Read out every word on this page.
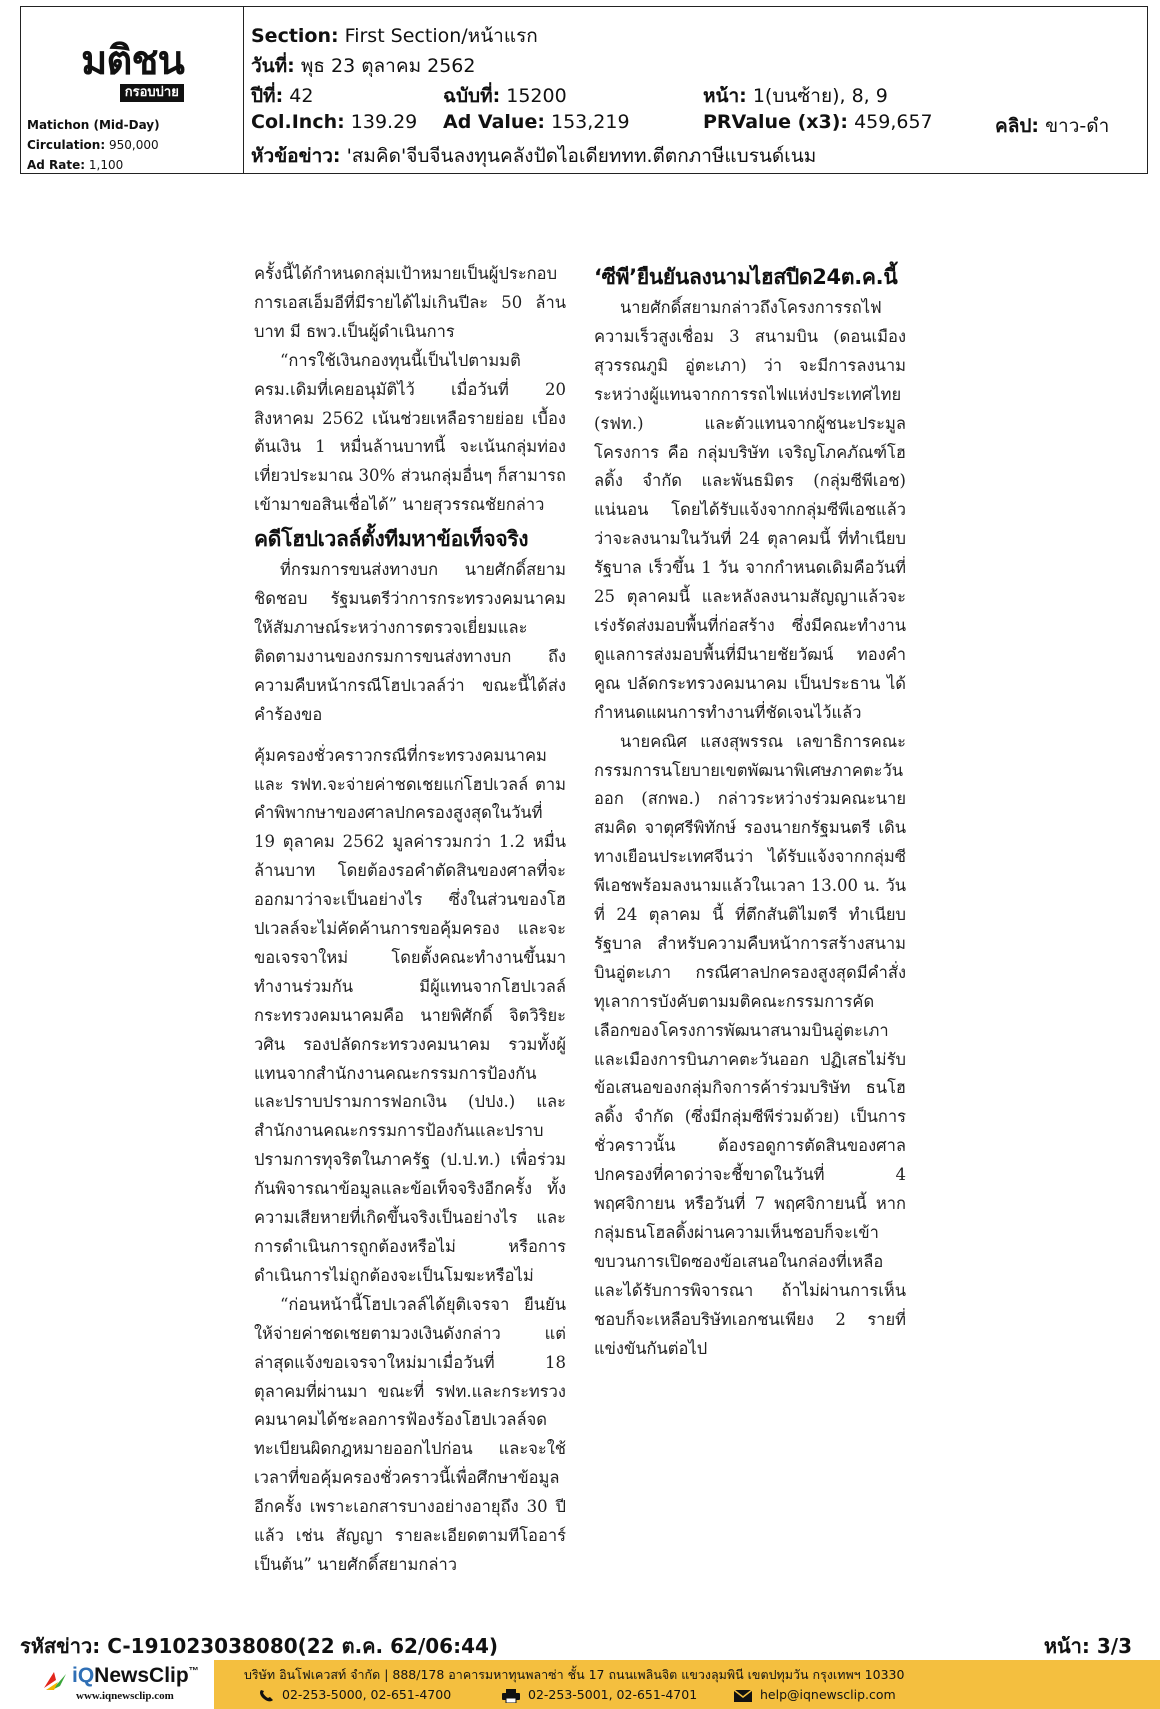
มติชน
กรอบบ่าย
Matichon (Mid-Day)
Circulation: 950,000
Ad Rate: 1,100
Section: First Section/หน้าแรก
วันที่: พุธ 23 ตุลาคม 2562
ปีที่: 42	ฉบับที่: 15200	หน้า: 1(บนซ้าย), 8, 9
Col.Inch: 139.29 Ad Value: 153,219	PRValue (x3): 459,657	คลิป: ขาว-ดำ
หัวข้อข่าว: 'สมคิด'จีบจีนลงทุนคลังปัดไอเดียททท.ตีตกภาษีแบรนด์เนม

ครั้งนี้ได้กำหนดกลุ่มเป้าหมายเป็นผู้ประกอบการเอสเอ็มอีที่มีรายได้ไม่เกินปีละ 50 ล้านบาท มี ธพว.เป็นผู้ดำเนินการ

“การใช้เงินกองทุนนี้เป็นไปตามมติ ครม.เดิมที่เคยอนุมัติไว้ เมื่อวันที่ 20 สิงหาคม 2562 เน้นช่วยเหลือรายย่อย เบื้องต้นเงิน 1 หมื่นล้านบาทนี้ จะเน้นกลุ่มท่องเที่ยวประมาณ 30% ส่วนกลุ่มอื่นๆ ก็สามารถเข้ามาขอสินเชื่อได้” นายสุวรรณชัยกล่าว

คดีโฮปเวลล์ตั้งทีมหาข้อเท็จจริง

ที่กรมการขนส่งทางบก นายศักดิ์สยาม ชิดชอบ รัฐมนตรีว่าการกระทรวงคมนาคม ให้สัมภาษณ์ระหว่างการตรวจเยี่ยมและติดตามงานของกรมการขนส่งทางบก ถึงความคืบหน้ากรณีโฮปเวลล์ว่า ขณะนี้ได้ส่งคำร้องขอ

คุ้มครองชั่วคราวกรณีที่กระทรวงคมนาคม และ รฟท.จะจ่ายค่าชดเชยแก่โฮปเวลล์ ตามคำพิพากษาของศาลปกครองสูงสุดในวันที่ 19 ตุลาคม 2562 มูลค่ารวมกว่า 1.2 หมื่นล้านบาท โดยต้องรอคำตัดสินของศาลที่จะออกมาว่าจะเป็นอย่างไร ซึ่งในส่วนของโฮปเวลล์จะไม่คัดค้านการขอคุ้มครอง และจะขอเจรจาใหม่ โดยตั้งคณะทำงานขึ้นมาทำงานร่วมกัน มีผู้แทนจากโฮปเวลล์ กระทรวงคมนาคมคือ นายพิศักดิ์ จิตวิริยะวศิน รองปลัดกระทรวงคมนาคม รวมทั้งผู้แทนจากสำนักงานคณะกรรมการป้องกันและปราบปรามการฟอกเงิน (ปปง.) และสำนักงานคณะกรรมการป้องกันและปราบปรามการทุจริตในภาครัฐ (ป.ป.ท.) เพื่อร่วมกันพิจารณาข้อมูลและข้อเท็จจริงอีกครั้ง ทั้งความเสียหายที่เกิดขึ้นจริงเป็นอย่างไร และการดำเนินการถูกต้องหรือไม่ หรือการดำเนินการไม่ถูกต้องจะเป็นโมฆะหรือไม่

“ก่อนหน้านี้โฮปเวลล์ได้ยุติเจรจา ยืนยันให้จ่ายค่าชดเชยตามวงเงินดังกล่าว แต่ล่าสุดแจ้งขอเจรจาใหม่มาเมื่อวันที่ 18 ตุลาคมที่ผ่านมา ขณะที่ รฟท.และกระทรวงคมนาคมได้ชะลอการฟ้องร้องโฮปเวลล์จดทะเบียนผิดกฎหมายออกไปก่อน และจะใช้เวลาที่ขอคุ้มครองชั่วคราวนี้เพื่อศึกษาข้อมูลอีกครั้ง เพราะเอกสารบางอย่างอายุถึง 30 ปีแล้ว เช่น สัญญา รายละเอียดตามทีโออาร์ เป็นต้น” นายศักดิ์สยามกล่าว

‘ซีพี’ยืนยันลงนามไฮสปีด24ต.ค.นี้

นายศักดิ์สยามกล่าวถึงโครงการรถไฟความเร็วสูงเชื่อม 3 สนามบิน (ดอนเมือง สุวรรณภูมิ อู่ตะเภา) ว่า จะมีการลงนามระหว่างผู้แทนจากการรถไฟแห่งประเทศไทย (รฟท.) และตัวแทนจากผู้ชนะประมูลโครงการ คือ กลุ่มบริษัท เจริญโภคภัณฑ์โฮลดิ้ง จำกัด และพันธมิตร (กลุ่มซีพีเอช) แน่นอน โดยได้รับแจ้งจากกลุ่มซีพีเอชแล้วว่าจะลงนามในวันที่ 24 ตุลาคมนี้ ที่ทำเนียบรัฐบาล เร็วขึ้น 1 วัน จากกำหนดเดิมคือวันที่ 25 ตุลาคมนี้ และหลังลงนามสัญญาแล้วจะเร่งรัดส่งมอบพื้นที่ก่อสร้าง ซึ่งมีคณะทำงานดูแลการส่งมอบพื้นที่มีนายชัยวัฒน์ ทองคำคูณ ปลัดกระทรวงคมนาคม เป็นประธาน ได้กำหนดแผนการทำงานที่ชัดเจนไว้แล้ว

นายคณิศ แสงสุพรรณ เลขาธิการคณะกรรมการนโยบายเขตพัฒนาพิเศษภาคตะวันออก (สกพอ.) กล่าวระหว่างร่วมคณะนายสมคิด จาตุศรีพิทักษ์ รองนายกรัฐมนตรี เดินทางเยือนประเทศจีนว่า ได้รับแจ้งจากกลุ่มซีพีเอชพร้อมลงนามแล้วในเวลา 13.00 น. วันที่ 24 ตุลาคม นี้ ที่ตึกสันติไมตรี ทำเนียบรัฐบาล สำหรับความคืบหน้าการสร้างสนามบินอู่ตะเภา กรณีศาลปกครองสูงสุดมีคำสั่งทุเลาการบังคับตามมติคณะกรรมการคัดเลือกของโครงการพัฒนาสนามบินอู่ตะเภาและเมืองการบินภาคตะวันออก ปฏิเสธไม่รับข้อเสนอของกลุ่มกิจการค้าร่วมบริษัท ธนโฮลดิ้ง จำกัด (ซึ่งมีกลุ่มซีพีร่วมด้วย) เป็นการชั่วคราวนั้น ต้องรอดูการตัดสินของศาลปกครองที่คาดว่าจะชี้ขาดในวันที่ 4 พฤศจิกายน หรือวันที่ 7 พฤศจิกายนนี้ หากกลุ่มธนโฮลดิ้งผ่านความเห็นชอบก็จะเข้าขบวนการเปิดซองข้อเสนอในกล่องที่เหลือ และได้รับการพิจารณา ถ้าไม่ผ่านการเห็นชอบก็จะเหลือบริษัทเอกชนเพียง 2 รายที่แข่งขันกันต่อไป

รหัสข่าว: C-191023038080(22 ต.ค. 62/06:44)	หน้า: 3/3
iQNewsClip™
www.iqnewsclip.com
บริษัท อินโฟเควสท์ จำกัด | 888/178 อาคารมหาทุนพลาซ่า ชั้น 17 ถนนเพลินจิต แขวงลุมพินี เขตปทุมวัน กรุงเทพฯ 10330
02-253-5000, 02-651-4700	02-253-5001, 02-651-4701	help@iqnewsclip.com
